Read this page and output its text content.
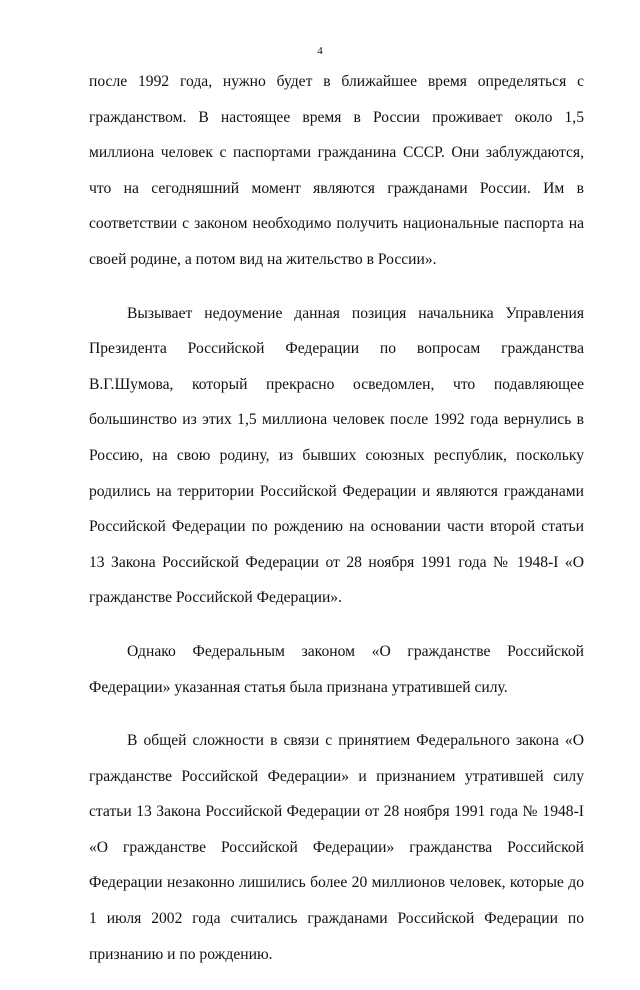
4

после 1992 года, нужно будет в ближайшее время определяться с гражданством. В настоящее время в России проживает около 1,5 миллиона человек с паспортами гражданина СССР. Они заблуждаются, что на сегодняшний момент являются гражданами России. Им в соответствии с законом необходимо получить национальные паспорта на своей родине, а потом вид на жительство в России».

Вызывает недоумение данная позиция начальника Управления Президента Российской Федерации по вопросам гражданства В.Г.Шумова, который прекрасно осведомлен, что подавляющее большинство из этих 1,5 миллиона человек после 1992 года вернулись в Россию, на свою родину, из бывших союзных республик, поскольку родились на территории Российской Федерации и являются гражданами Российской Федерации по рождению на основании части второй статьи 13 Закона Российской Федерации от 28 ноября 1991 года № 1948-I «О гражданстве Российской Федерации».

Однако Федеральным законом «О гражданстве Российской Федерации» указанная статья была признана утратившей силу.

В общей сложности в связи с принятием Федерального закона «О гражданстве Российской Федерации» и признанием утратившей силу статьи 13 Закона Российской Федерации от 28 ноября 1991 года № 1948-I «О гражданстве Российской Федерации» гражданства Российской Федерации незаконно лишились более 20 миллионов человек, которые до 1 июля 2002 года считались гражданами Российской Федерации по признанию и по рождению.
